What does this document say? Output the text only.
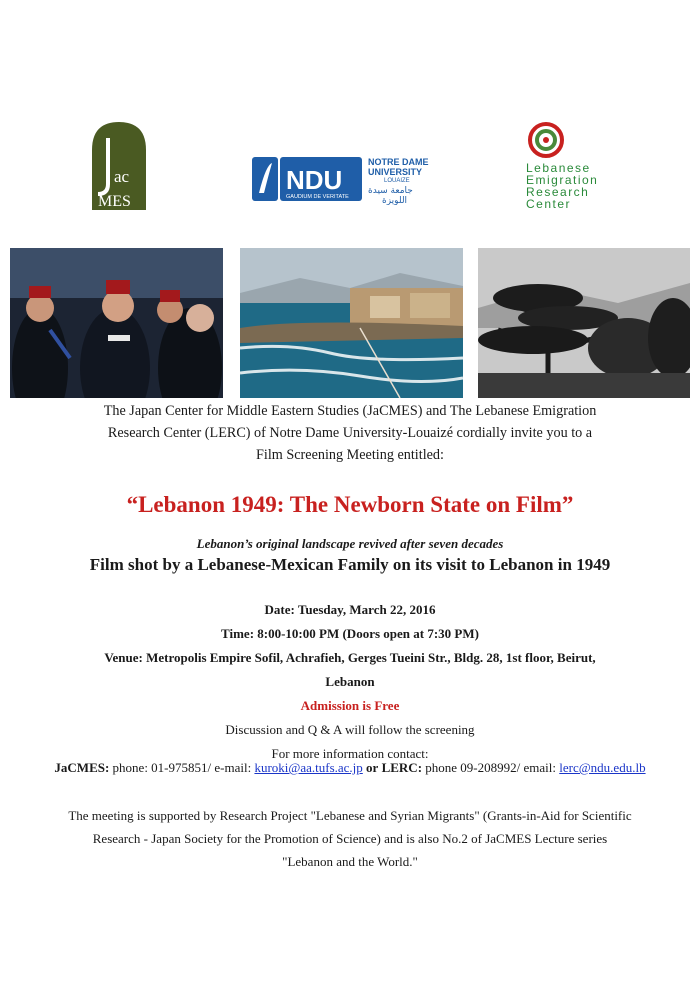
ac
MES
NDU
GAUDIUM DE VERITATE
NOTRE DAME
UNIVERSITY
LOUAIZE
جامعة سيدة
اللويزة
Lebanese
Emigration
Research
Center
The Japan Center for Middle Eastern Studies (JaCMES) and The Lebanese Emigration
Research Center (LERC) of Notre Dame University-Louaizé cordially invite you to a
Film Screening Meeting entitled:
“Lebanon 1949: The Newborn State on Film”
Lebanon’s original landscape revived after seven decades
Film shot by a Lebanese-Mexican Family on its visit to Lebanon in 1949
Date: Tuesday, March 22, 2016
Time: 8:00-10:00 PM (Doors open at 7:30 PM)
Venue: Metropolis Empire Sofil, Achrafieh, Gerges Tueini Str., Bldg. 28, 1st floor, Beirut,
Lebanon
Admission is Free
Discussion and Q & A will follow the screening
For more information contact:
JaCMES: phone: 01-975851/ e-mail: kuroki@aa.tufs.ac.jp or LERC: phone 09-208992/ email: lerc@ndu.edu.lb
The meeting is supported by Research Project "Lebanese and Syrian Migrants" (Grants-in-Aid for Scientific
Research - Japan Society for the Promotion of Science) and is also No.2 of JaCMES Lecture series
"Lebanon and the World."
